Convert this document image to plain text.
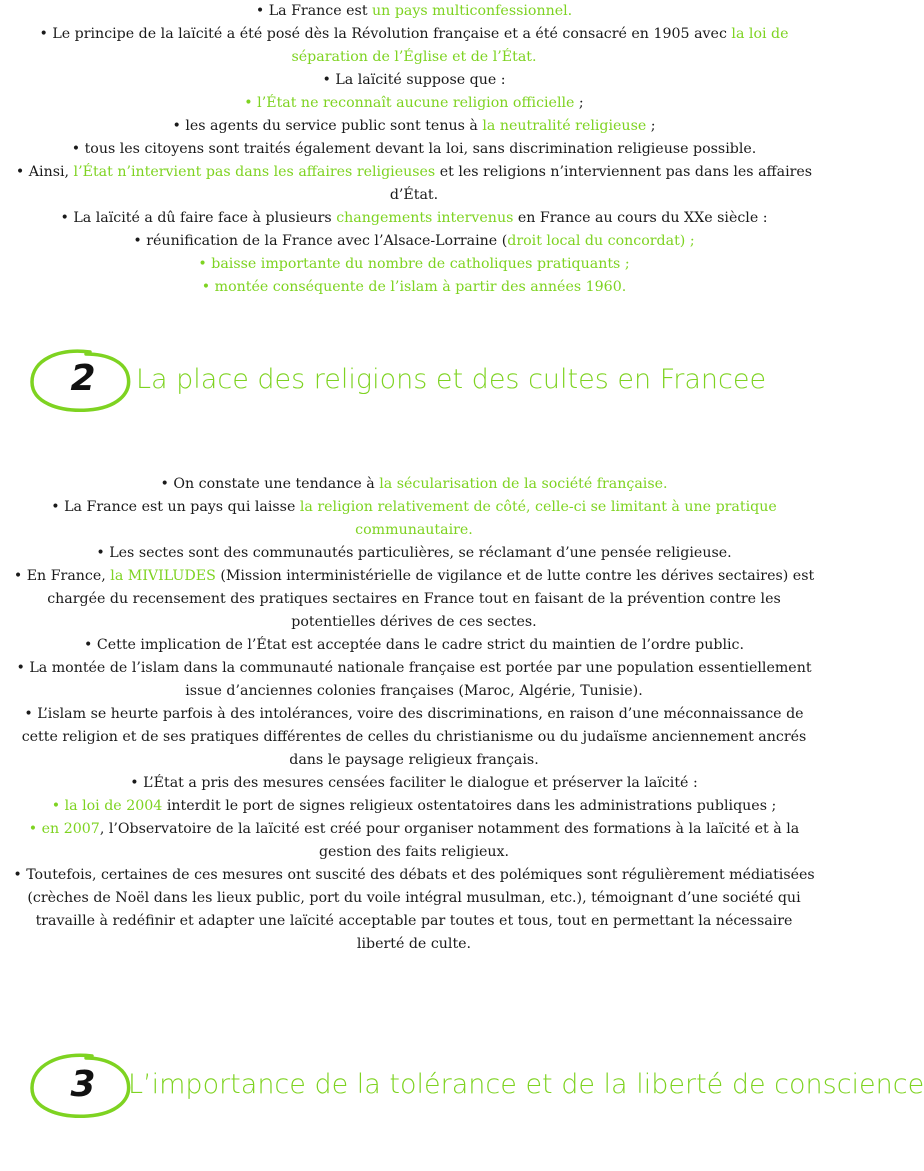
• La France est un pays multiconfessionnel.

• Le principe de la laïcité a été posé dès la Révolution française et a été consacré en 1905 avec la loi de séparation de l’Église et de l’État.

• La laïcité suppose que :

• l’État ne reconnaît aucune religion officielle ;

• les agents du service public sont tenus à la neutralité religieuse ;

• tous les citoyens sont traités également devant la loi, sans discrimination religieuse possible.

• Ainsi, l’État n’intervient pas dans les affaires religieuses et les religions n’interviennent pas dans les affaires d’État.

• La laïcité a dû faire face à plusieurs changements intervenus en France au cours du XXe siècle :

• réunification de la France avec l’Alsace-Lorraine (droit local du concordat) ;

• baisse importante du nombre de catholiques pratiquants ;

• montée conséquente de l’islam à partir des années 1960.

2 La place des religions et des cultes en Francee

• On constate une tendance à la sécularisation de la société française.

• La France est un pays qui laisse la religion relativement de côté, celle-ci se limitant à une pratique communautaire.

• Les sectes sont des communautés particulières, se réclamant d’une pensée religieuse.

• En France, la MIVILUDES (Mission interministérielle de vigilance et de lutte contre les dérives sectaires) est chargée du recensement des pratiques sectaires en France tout en faisant de la prévention contre les potentielles dérives de ces sectes.

• Cette implication de l’État est acceptée dans le cadre strict du maintien de l’ordre public.

• La montée de l’islam dans la communauté nationale française est portée par une population essentiellement issue d’anciennes colonies françaises (Maroc, Algérie, Tunisie).

• L’islam se heurte parfois à des intolérances, voire des discriminations, en raison d’une méconnaissance de cette religion et de ses pratiques différentes de celles du christianisme ou du judaïsme anciennement ancrés dans le paysage religieux français.

• L’État a pris des mesures censées faciliter le dialogue et préserver la laïcité :

• la loi de 2004 interdit le port de signes religieux ostentatoires dans les administrations publiques ;

• en 2007, l’Observatoire de la laïcité est créé pour organiser notamment des formations à la laïcité et à la gestion des faits religieux.

• Toutefois, certaines de ces mesures ont suscité des débats et des polémiques sont régulièrement médiatisées (crèches de Noël dans les lieux public, port du voile intégral musulman, etc.), témoignant d’une société qui travaille à redéfinir et adapter une laïcité acceptable par toutes et tous, tout en permettant la nécessaire liberté de culte.

3 L’importance de la tolérance et de la liberté de conscience
